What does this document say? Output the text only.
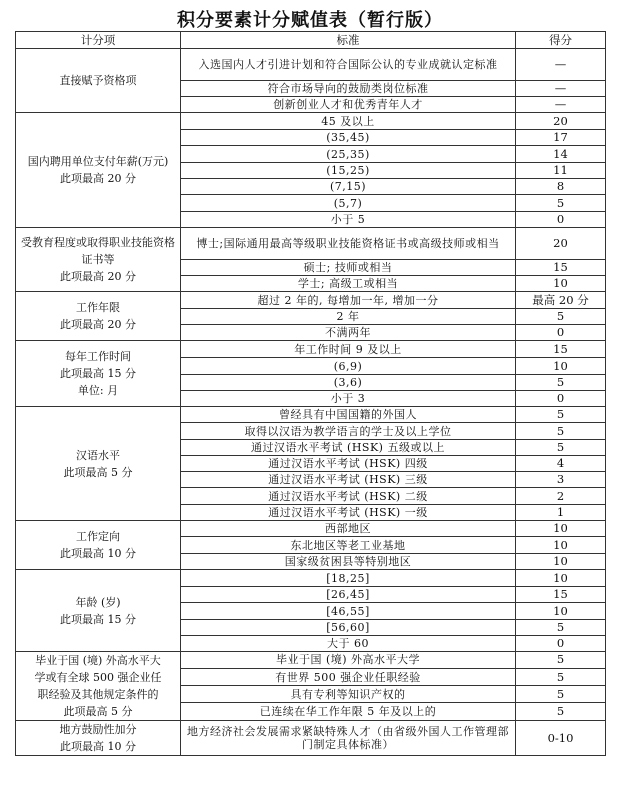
积分要素计分赋值表（暂行版）
计分项	标准	得分

直接赋予资格项	入选国内人才引进计划和符合国际公认的专业成就认定标准	—
	符合市场导向的鼓励类岗位标准	—
	创新创业人才和优秀青年人才	—

国内聘用单位支付年薪(万元)
此项最高 20 分	45 及以上	20
	(35,45)	17
	(25,35)	14
	(15,25)	11
	(7,15)	8
	(5,7)	5
	小于 5	0

受教育程度或取得职业技能资格证书等
此项最高 20 分	博士;国际通用最高等级职业技能资格证书或高级技师或相当	20
	硕士; 技师或相当	15
	学士; 高级工或相当	10

工作年限
此项最高 20 分	超过 2 年的, 每增加一年, 增加一分	最高 20 分
	2 年	5
	不满两年	0

每年工作时间
此项最高 15 分
单位: 月	年工作时间 9 及以上	15
	(6,9)	10
	(3,6)	5
	小于 3	0

汉语水平
此项最高 5 分	曾经具有中国国籍的外国人	5
	取得以汉语为教学语言的学士及以上学位	5
	通过汉语水平考试 (HSK) 五级或以上	5
	通过汉语水平考试 (HSK) 四级	4
	通过汉语水平考试 (HSK) 三级	3
	通过汉语水平考试 (HSK) 二级	2
	通过汉语水平考试 (HSK) 一级	1

工作定向
此项最高 10 分	西部地区	10
	东北地区等老工业基地	10
	国家级贫困县等特别地区	10

年龄 (岁)
此项最高 15 分	[18,25]	10
	[26,45]	15
	[46,55]	10
	[56,60]	5
	大于 60	0

毕业于国 (境) 外高水平大
学或有全球 500 强企业任
职经验及其他规定条件的
此项最高 5 分	毕业于国 (境) 外高水平大学	5
	有世界 500 强企业任职经验	5
	具有专利等知识产权的	5
	已连续在华工作年限 5 年及以上的	5

地方鼓励性加分
此项最高 10 分	地方经济社会发展需求紧缺特殊人才（由省级外国人工作管理部门制定具体标准）	0-10
